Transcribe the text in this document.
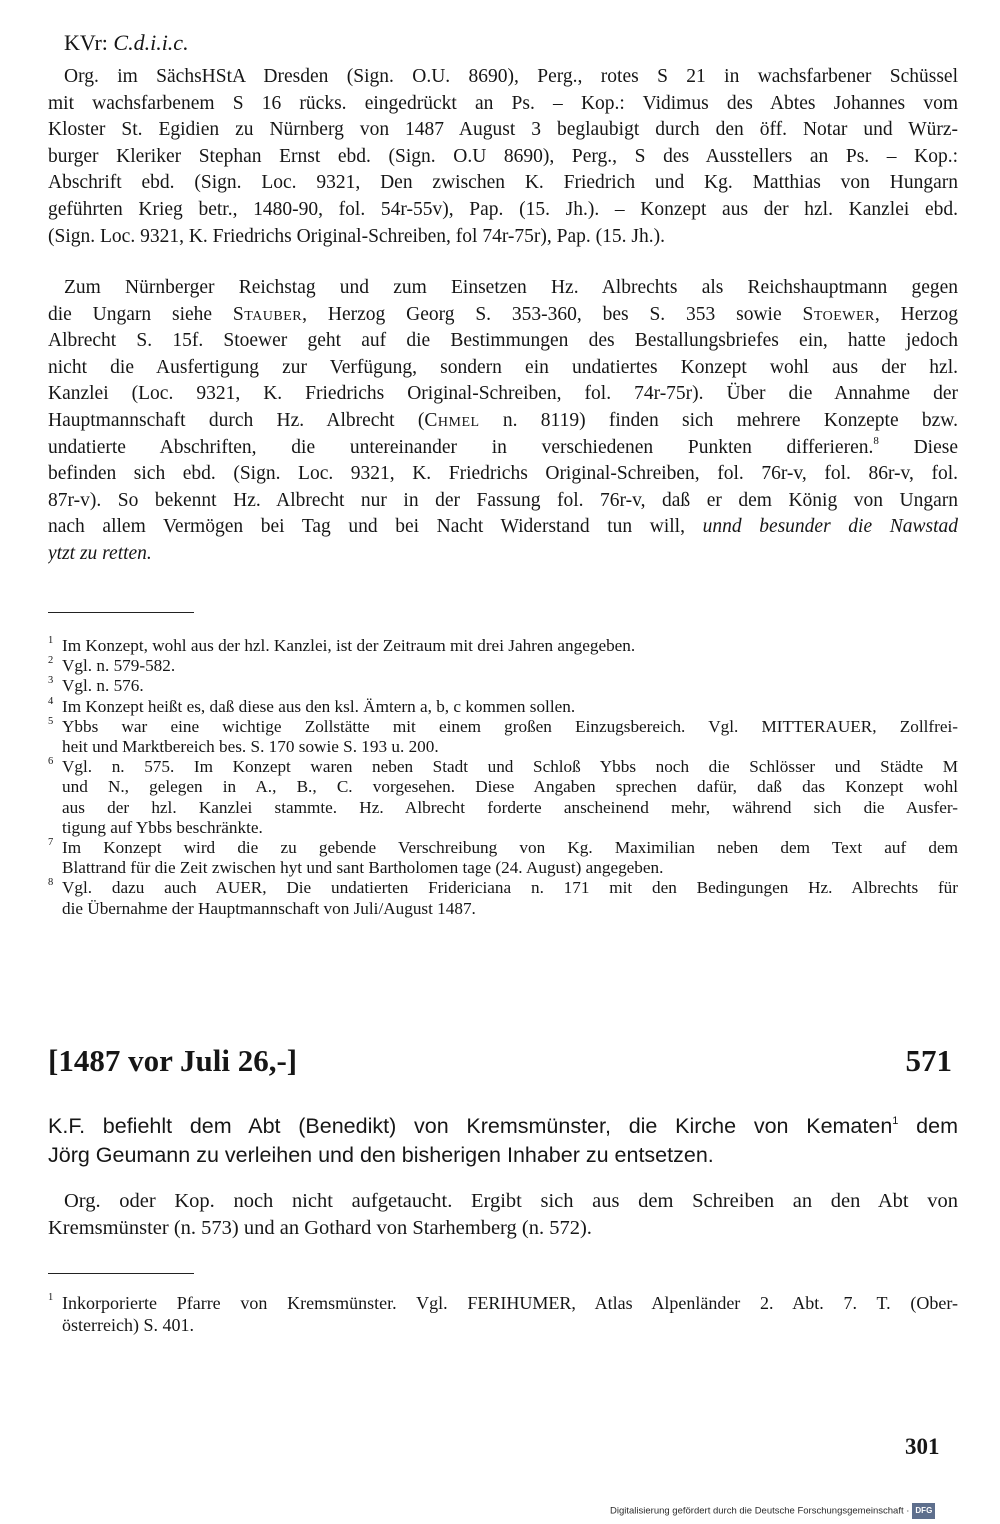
KVr: C.d.i.i.c.
Org. im SächsHStA Dresden (Sign. O.U. 8690), Perg., rotes S 21 in wachsfarbener Schüssel
mit wachsfarbenem S 16 rücks. eingedrückt an Ps. – Kop.: Vidimus des Abtes Johannes vom
Kloster St. Egidien zu Nürnberg von 1487 August 3 beglaubigt durch den öff. Notar und Würz-
burger Kleriker Stephan Ernst ebd. (Sign. O.U 8690), Perg., S des Ausstellers an Ps. – Kop.:
Abschrift ebd. (Sign. Loc. 9321, Den zwischen K. Friedrich und Kg. Matthias von Hungarn
geführten Krieg betr., 1480-90, fol. 54r-55v), Pap. (15. Jh.). – Konzept aus der hzl. Kanzlei ebd.
(Sign. Loc. 9321, K. Friedrichs Original-Schreiben, fol 74r-75r), Pap. (15. Jh.).
Zum Nürnberger Reichstag und zum Einsetzen Hz. Albrechts als Reichshauptmann gegen
die Ungarn siehe Stauber, Herzog Georg S. 353-360, bes S. 353 sowie Stoewer, Herzog
Albrecht S. 15f. Stoewer geht auf die Bestimmungen des Bestallungsbriefes ein, hatte jedoch
nicht die Ausfertigung zur Verfügung, sondern ein undatiertes Konzept wohl aus der hzl.
Kanzlei (Loc. 9321, K. Friedrichs Original-Schreiben, fol. 74r-75r). Über die Annahme der
Hauptmannschaft durch Hz. Albrecht (Chmel n. 8119) finden sich mehrere Konzepte bzw.
undatierte Abschriften, die untereinander in verschiedenen Punkten differieren.$^8$ Diese
befinden sich ebd. (Sign. Loc. 9321, K. Friedrichs Original-Schreiben, fol. 76r-v, fol. 86r-v, fol.
87r-v). So bekennt Hz. Albrecht nur in der Fassung fol. 76r-v, daß er dem König von Ungarn
nach allem Vermögen bei Tag und bei Nacht Widerstand tun will, unnd besunder die Nawstad
ytzt zu retten.
1 Im Konzept, wohl aus der hzl. Kanzlei, ist der Zeitraum mit drei Jahren angegeben.
2 Vgl. n. 579-582.
3 Vgl. n. 576.
4 Im Konzept heißt es, daß diese aus den ksl. Ämtern a, b, c kommen sollen.
5 Ybbs war eine wichtige Zollstätte mit einem großen Einzugsbereich. Vgl. MITTERAUER, Zollfrei-
heit und Marktbereich bes. S. 170 sowie S. 193 u. 200.
6 Vgl. n. 575. Im Konzept waren neben Stadt und Schloß Ybbs noch die Schlösser und Städte M
und N., gelegen in A., B., C. vorgesehen. Diese Angaben sprechen dafür, daß das Konzept wohl
aus der hzl. Kanzlei stammte. Hz. Albrecht forderte anscheinend mehr, während sich die Ausfer-
tigung auf Ybbs beschränkte.
7 Im Konzept wird die zu gebende Verschreibung von Kg. Maximilian neben dem Text auf dem
Blattrand für die Zeit zwischen hyt und sant Bartholomen tage (24. August) angegeben.
8 Vgl. dazu auch AUER, Die undatierten Fridericiana n. 171 mit den Bedingungen Hz. Albrechts für
die Übernahme der Hauptmannschaft von Juli/August 1487.
[1487 vor Juli 26,-]	571
K.F. befiehlt dem Abt (Benedikt) von Kremsmünster, die Kirche von Kematen$^1$ dem
Jörg Geumann zu verleihen und den bisherigen Inhaber zu entsetzen.
Org. oder Kop. noch nicht aufgetaucht. Ergibt sich aus dem Schreiben an den Abt von
Kremsmünster (n. 573) und an Gothard von Starhemberg (n. 572).
1 Inkorporierte Pfarre von Kremsmünster. Vgl. FERIHUMER, Atlas Alpenländer 2. Abt. 7. T. (Ober-
österreich) S. 401.
301
Digitalisierung gefördert durch die Deutsche Forschungsgemeinschaft · DFG
